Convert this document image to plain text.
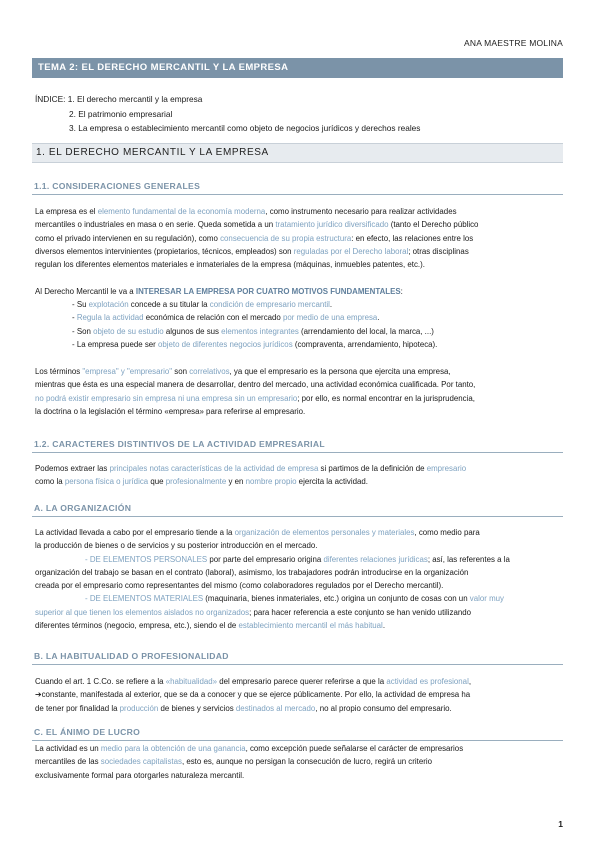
ANA MAESTRE MOLINA
TEMA 2: EL DERECHO MERCANTIL Y LA EMPRESA
ÍNDICE: 1. El derecho mercantil y la empresa
2. El patrimonio empresarial
3. La empresa o establecimiento mercantil como objeto de negocios jurídicos y derechos reales
1. EL DERECHO MERCANTIL Y LA EMPRESA
1.1. CONSIDERACIONES GENERALES
La empresa es el elemento fundamental de la economía moderna, como instrumento necesario para realizar actividades
mercantiles o industriales en masa o en serie. Queda sometida a un tratamiento jurídico diversificado (tanto el Derecho público
como el privado intervienen en su regulación), como consecuencia de su propia estructura: en efecto, las relaciones entre los
diversos elementos intervinientes (propietarios, técnicos, empleados) son reguladas por el Derecho laboral; otras disciplinas
regulan los diferentes elementos materiales e inmateriales de la empresa (máquinas, inmuebles patentes, etc.).
Al Derecho Mercantil le va a INTERESAR LA EMPRESA POR CUATRO MOTIVOS FUNDAMENTALES:
- Su explotación concede a su titular la condición de empresario mercantil.
- Regula la actividad económica de relación con el mercado por medio de una empresa.
- Son objeto de su estudio algunos de sus elementos integrantes (arrendamiento del local, la marca, ...)
- La empresa puede ser objeto de diferentes negocios jurídicos (compraventa, arrendamiento, hipoteca).
Los términos "empresa" y "empresario" son correlativos, ya que el empresario es la persona que ejercita una empresa,
mientras que ésta es una especial manera de desarrollar, dentro del mercado, una actividad económica cualificada. Por tanto,
no podrá existir empresario sin empresa ni una empresa sin un empresario; por ello, es normal encontrar en la jurisprudencia,
la doctrina o la legislación el término «empresa» para referirse al empresario.
1.2. CARACTERES DISTINTIVOS DE LA ACTIVIDAD EMPRESARIAL
Podemos extraer las principales notas características de la actividad de empresa si partimos de la definición de empresario
como la persona física o jurídica que profesionalmente y en nombre propio ejercita la actividad.
A. LA ORGANIZACIÓN
La actividad llevada a cabo por el empresario tiende a la organización de elementos personales y materiales, como medio para
la producción de bienes o de servicios y su posterior introducción en el mercado.
- DE ELEMENTOS PERSONALES por parte del empresario origina diferentes relaciones jurídicas; así, las referentes a la
organización del trabajo se basan en el contrato (laboral), asimismo, los trabajadores podrán introducirse en la organización
creada por el empresario como representantes del mismo (como colaboradores regulados por el Derecho mercantil).
- DE ELEMENTOS MATERIALES (maquinaria, bienes inmateriales, etc.) origina un conjunto de cosas con un valor muy
superior al que tienen los elementos aislados no organizados; para hacer referencia a este conjunto se han venido utilizando
diferentes términos (negocio, empresa, etc.), siendo el de establecimiento mercantil el más habitual.
B. LA HABITUALIDAD O PROFESIONALIDAD
Cuando el art. 1 C.Co. se refiere a la «habitualidad» del empresario parece querer referirse a que la actividad es profesional,
➔constante, manifestada al exterior, que se da a conocer y que se ejerce públicamente. Por ello, la actividad de empresa ha
de tener por finalidad la producción de bienes y servicios destinados al mercado, no al propio consumo del empresario.
C. EL ÁNIMO DE LUCRO
La actividad es un medio para la obtención de una ganancia, como excepción puede señalarse el carácter de empresarios
mercantiles de las sociedades capitalistas, esto es, aunque no persigan la consecución de lucro, regirá un criterio
exclusivamente formal para otorgarles naturaleza mercantil.
1
